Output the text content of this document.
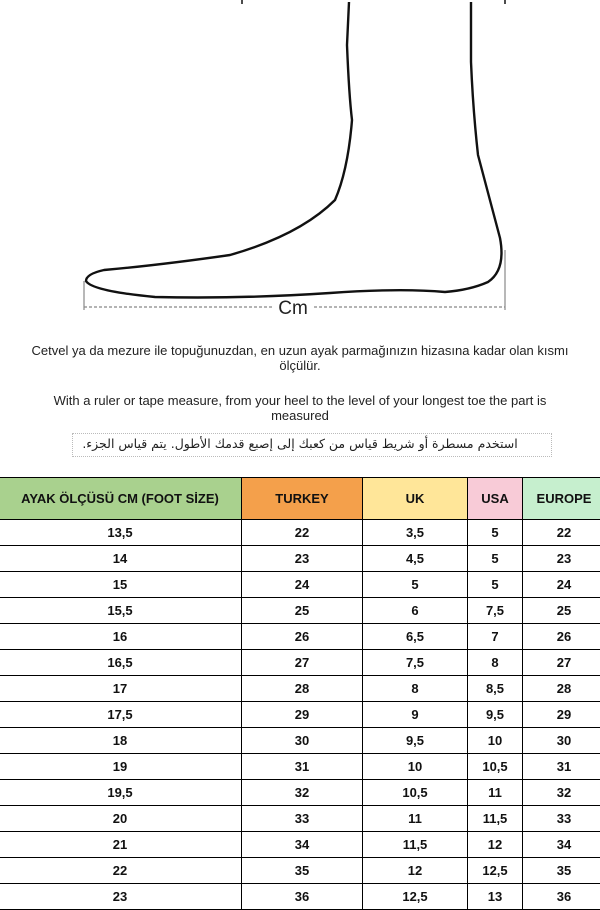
Cm
Cetvel ya da mezure ile topuğunuzdan, en uzun ayak parmağınızın hizasına kadar olan kısmı ölçülür.
With a ruler or tape measure, from your heel to the level of your longest toe the part is measured
استخدم مسطرة أو شريط قياس من كعبك إلى إصبع قدمك الأطول. يتم قياس الجزء.
AYAK ÖLÇÜSÜ CM (FOOT SİZE)	TURKEY	UK	USA	EUROPE
13,5	22	3,5	5	22
14	23	4,5	5	23
15	24	5	5	24
15,5	25	6	7,5	25
16	26	6,5	7	26
16,5	27	7,5	8	27
17	28	8	8,5	28
17,5	29	9	9,5	29
18	30	9,5	10	30
19	31	10	10,5	31
19,5	32	10,5	11	32
20	33	11	11,5	33
21	34	11,5	12	34
22	35	12	12,5	35
23	36	12,5	13	36
